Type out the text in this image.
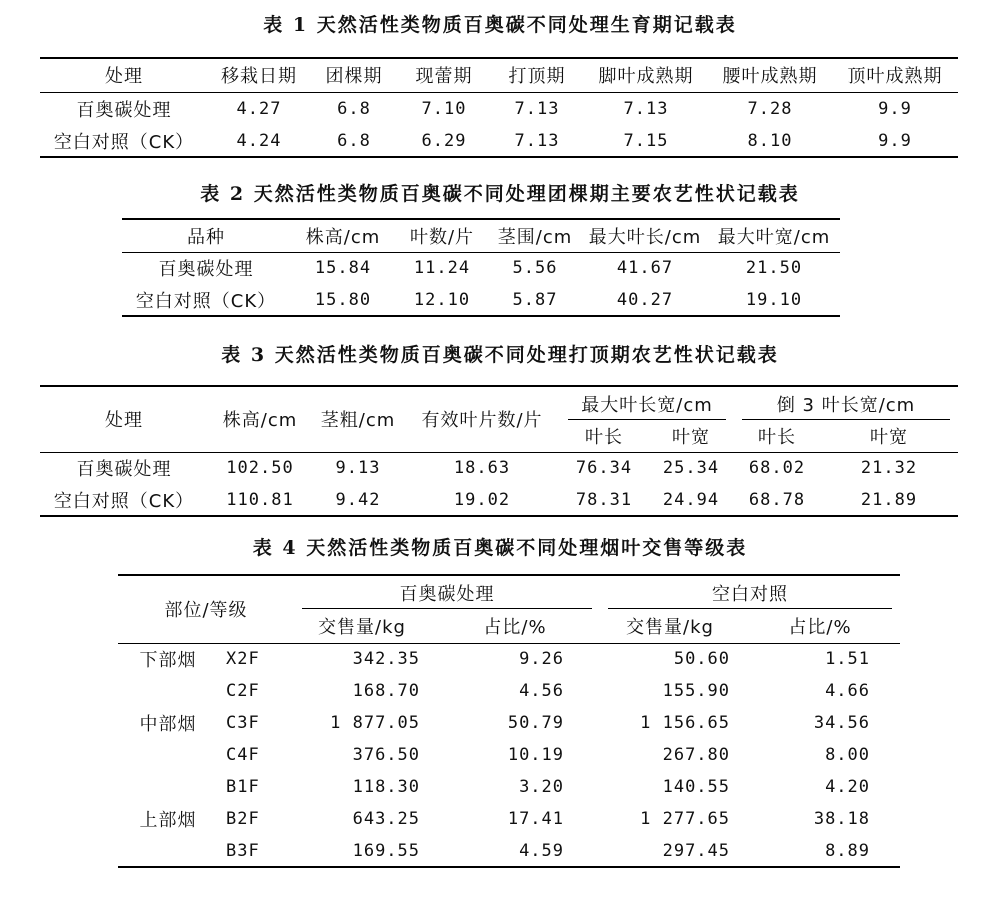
表 1 天然活性类物质百奥碳不同处理生育期记载表
处理	移栽日期	团棵期	现蕾期	打顶期	脚叶成熟期	腰叶成熟期	顶叶成熟期
百奥碳处理	4.27	6.8	7.10	7.13	7.13	7.28	9.9
空白对照（CK）	4.24	6.8	6.29	7.13	7.15	8.10	9.9
表 2 天然活性类物质百奥碳不同处理团棵期主要农艺性状记载表
品种	株高/cm	叶数/片	茎围/cm	最大叶长/cm	最大叶宽/cm
百奥碳处理	15.84	11.24	5.56	41.67	21.50
空白对照（CK）	15.80	12.10	5.87	40.27	19.10
表 3 天然活性类物质百奥碳不同处理打顶期农艺性状记载表
处理	株高/cm	茎粗/cm	有效叶片数/片	最大叶长宽/cm		倒 3 叶长宽/cm	
				叶长	叶宽	叶长	叶宽
百奥碳处理	102.50	9.13	18.63	76.34	25.34	68.02	21.32
空白对照（CK）	110.81	9.42	19.02	78.31	24.94	68.78	21.89
表 4 天然活性类物质百奥碳不同处理烟叶交售等级表
部位/等级		百奥碳处理		空白对照	
		交售量/kg	占比/%	交售量/kg	占比/%
下部烟	X2F	342.35	9.26	50.60	1.51
	C2F	168.70	4.56	155.90	4.66
中部烟	C3F	1 877.05	50.79	1 156.65	34.56
	C4F	376.50	10.19	267.80	8.00
	B1F	118.30	3.20	140.55	4.20
上部烟	B2F	643.25	17.41	1 277.65	38.18
	B3F	169.55	4.59	297.45	8.89
